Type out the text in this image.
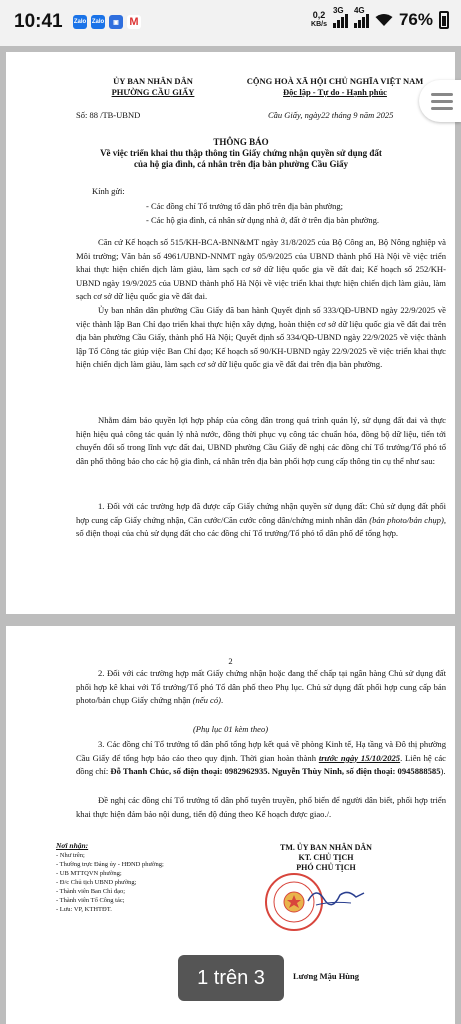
10:41 Zalo Zalo	▣ M
0,2
KB/s
3G 4G 76%
ỦY BAN NHÂN DÂN
PHƯỜNG CẦU GIẤY
CỘNG HOÀ XÃ HỘI CHỦ NGHĨA VIỆT NAM
Độc lập - Tự do - Hạnh phúc
Số: 88 /TB-UBND	Cầu Giấy, ngày22 tháng 9 năm 2025
THÔNG BÁO
Về việc triển khai thu thập thông tin Giấy chứng nhận quyền sử dụng đất
của hộ gia đình, cá nhân trên địa bàn phường Cầu Giấy
Kính gửi:
- Các đồng chí Tổ trưởng tổ dân phố trên địa bàn phường;
- Các hộ gia đình, cá nhân sử dụng nhà ở, đất ở trên địa bàn phường.
Căn cứ Kế hoạch số 515/KH-BCA-BNN&MT ngày 31/8/2025 của Bộ Công an, Bộ Nông nghiệp và Môi trường; Văn bản số 4961/UBND-NNMT ngày 05/9/2025 của UBND thành phố Hà Nội về việc triển khai thực hiện chiến dịch làm giàu, làm sạch cơ sở dữ liệu quốc gia về đất đai; Kế hoạch số 252/KH-UBND ngày 19/9/2025 của UBND thành phố Hà Nội về việc triển khai thực hiện chiến dịch làm giàu, làm sạch cơ sở dữ liệu quốc gia về đất đai.
Ủy ban nhân dân phường Cầu Giấy đã ban hành Quyết định số 333/QĐ-UBND ngày 22/9/2025 về việc thành lập Ban Chỉ đạo triển khai thực hiện xây dựng, hoàn thiện cơ sở dữ liệu quốc gia về đất đai trên địa bàn phường Cầu Giấy, thành phố Hà Nội; Quyết định số 334/QĐ-UBND ngày 22/9/2025 về việc thành lập Tổ Công tác giúp việc Ban Chỉ đạo; Kế hoạch số 90/KH-UBND ngày 22/9/2025 về việc triển khai thực hiện chiến dịch làm giàu, làm sạch cơ sở dữ liệu quốc gia về đất đai trên địa bàn phường.
Nhằm đảm bảo quyền lợi hợp pháp của công dân trong quá trình quản lý, sử dụng đất đai và thực hiện hiệu quả công tác quản lý nhà nước, đồng thời phục vụ công tác chuẩn hóa, đồng bộ dữ liệu, tiến tới chuyển đổi số trong lĩnh vực đất đai, UBND phường Cầu Giấy đề nghị các đồng chí Tổ trưởng/Tổ phó tổ dân phố thông báo cho các hộ gia đình, cá nhân trên địa bàn phối hợp cung cấp thông tin cụ thể như sau:
1. Đối với các trường hợp đã được cấp Giấy chứng nhận quyền sử dụng đất: Chủ sử dụng đất phối hợp cung cấp Giấy chứng nhận, Căn cước/Căn cước công dân/chứng minh nhân dân (bản photo/bản chụp), số điện thoại của chủ sử dụng đất cho các đồng chí Tổ trưởng/Tổ phó tổ dân phố để tổng hợp.
2
2. Đối với các trường hợp mất Giấy chứng nhận hoặc đang thế chấp tại ngân hàng Chủ sử dụng đất phối hợp kê khai với Tổ trưởng/Tổ phó Tổ dân phố theo Phụ lục. Chủ sử dụng đất phối hợp cung cấp bản photo/bản chụp Giấy chứng nhận (nếu có).
(Phụ lục 01 kèm theo)
3. Các đồng chí Tổ trưởng tổ dân phố tổng hợp kết quả về phòng Kinh tế, Hạ tầng và Đô thị phường Cầu Giấy để tổng hợp báo cáo theo quy định. Thời gian hoàn thành trước ngày 15/10/2025. Liên hệ các đồng chí: Đỗ Thanh Chúc, số điện thoại: 0982962935. Nguyễn Thùy Ninh, số điện thoại: 0945888585).
Đề nghị các đồng chí Tổ trưởng tổ dân phố tuyên truyền, phổ biến để người dân biết, phối hợp triển khai thực hiện đảm bảo nội dung, tiến độ đúng theo Kế hoạch được giao./.
Nơi nhận:
- Như trên;
- Thường trực Đảng ủy - HĐND phường;
- UB MTTQVN phường;
- Đ/c Chủ tịch UBND phường;
- Thành viên Ban Chỉ đạo;
- Thành viên Tổ Công tác;
- Lưu: VP, KTHTĐT.
TM. ỦY BAN NHÂN DÂN
KT. CHỦ TỊCH
PHÓ CHỦ TỊCH
Lương Mậu Hùng
1 trên 3
